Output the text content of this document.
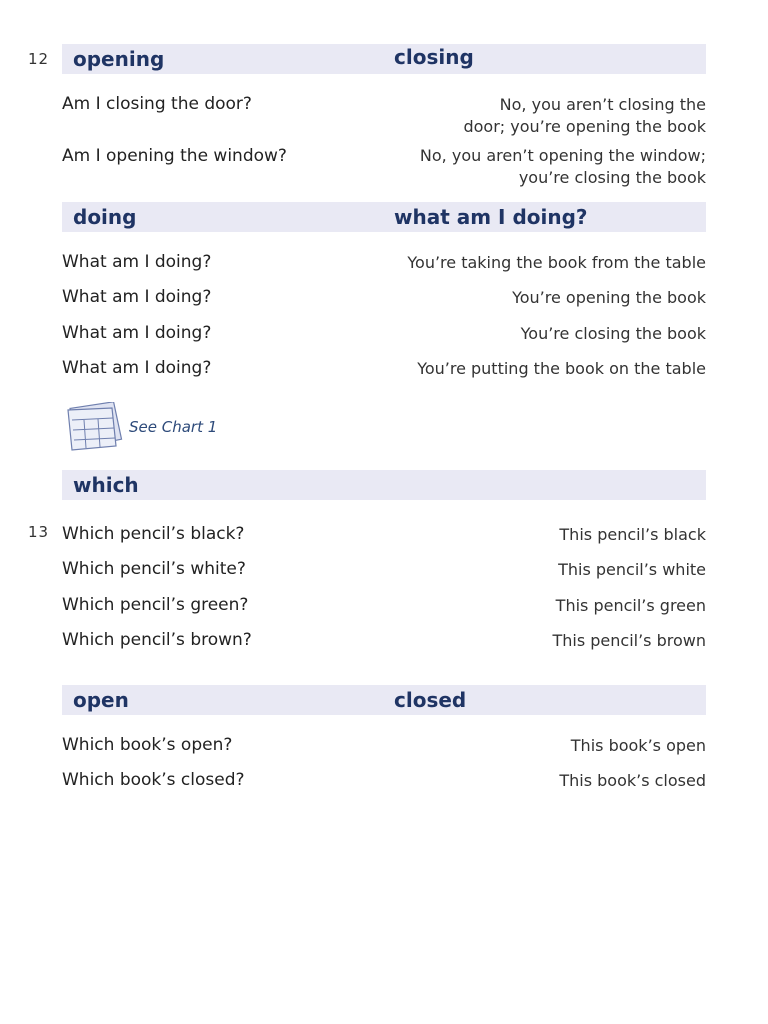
12 opening	closing
Am I closing the door?	No, you aren’t closing the
door; you’re opening the book
Am I opening the window?	No, you aren’t opening the window;
you’re closing the book
doing	what am I doing?
What am I doing?	You’re taking the book from the table
What am I doing?	You’re opening the book
What am I doing?	You’re closing the book
What am I doing?	You’re putting the book on the table
See Chart 1
which
13 Which pencil’s black?	This pencil’s black
Which pencil’s white?	This pencil’s white
Which pencil’s green?	This pencil’s green
Which pencil’s brown?	This pencil’s brown
open	closed
Which book’s open?	This book’s open
Which book’s closed?	This book’s closed
